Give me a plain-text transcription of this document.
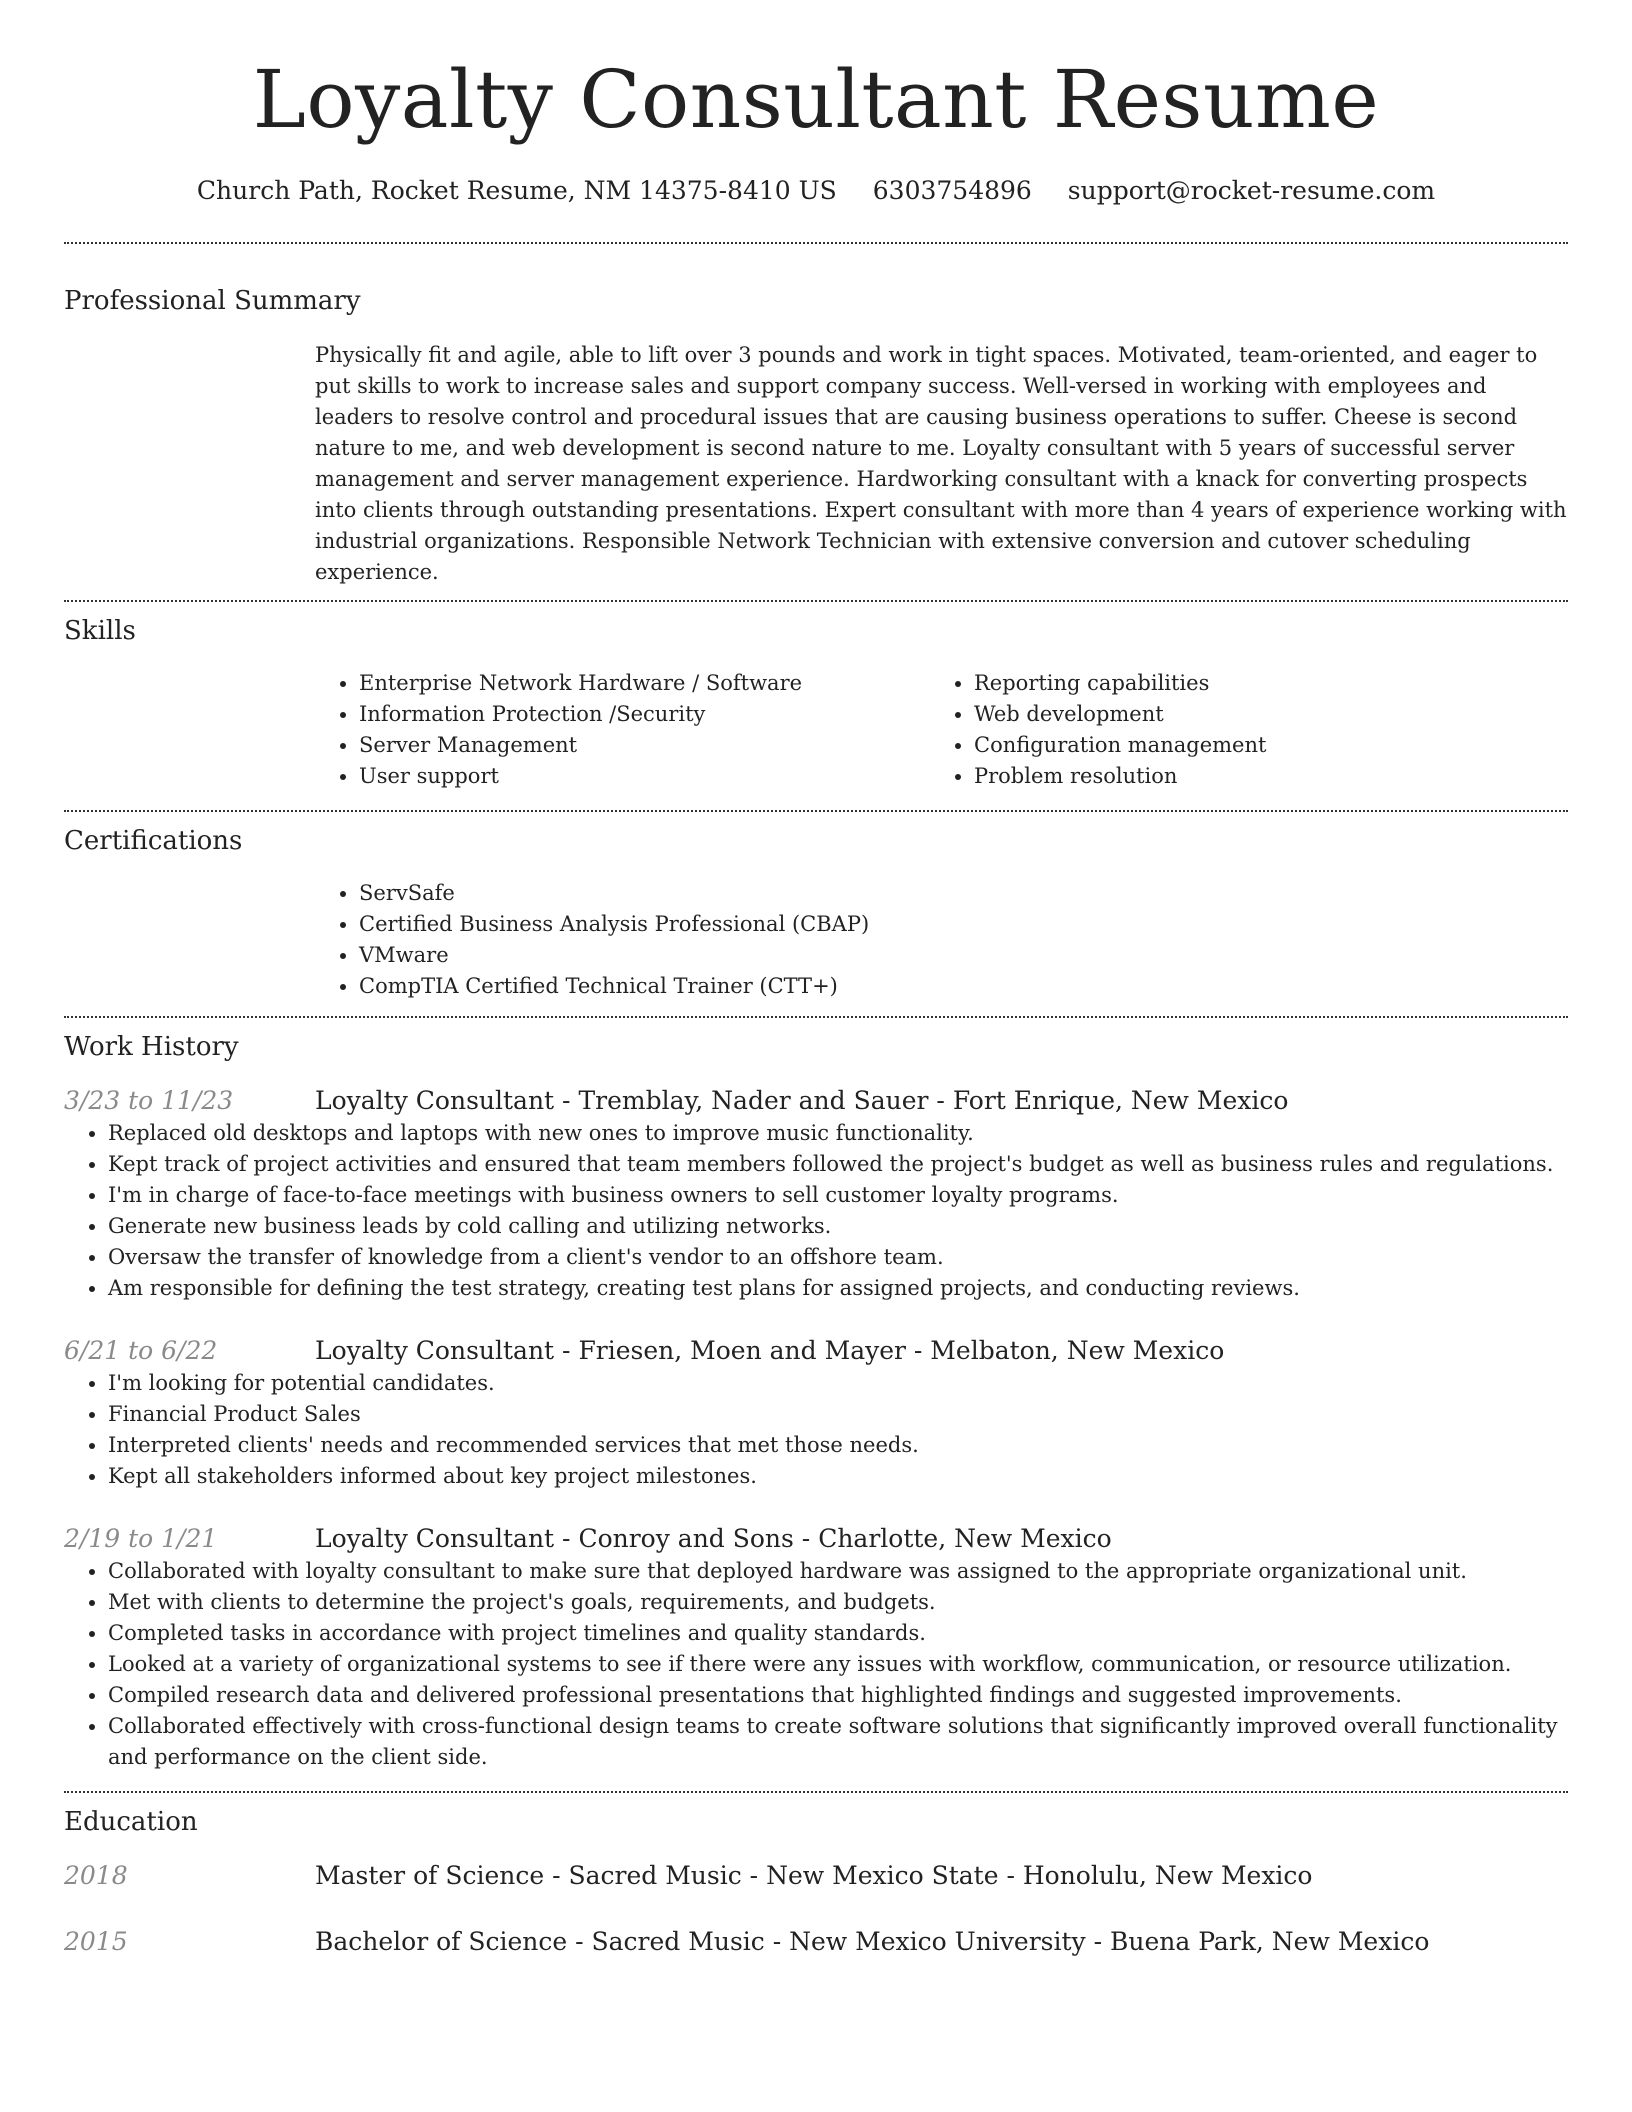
Loyalty Consultant Resume
Church Path, Rocket Resume, NM 14375-8410 US 6303754896 support@rocket-resume.com
Professional Summary

Physically fit and agile, able to lift over 3 pounds and work in tight spaces. Motivated, team-oriented, and eager to put skills to work to increase sales and support company success. Well-versed in working with employees and leaders to resolve control and procedural issues that are causing business operations to suffer. Cheese is second nature to me, and web development is second nature to me. Loyalty consultant with 5 years of successful server management and server management experience. Hardworking consultant with a knack for converting prospects into clients through outstanding presentations. Expert consultant with more than 4 years of experience working with industrial organizations. Responsible Network Technician with extensive conversion and cutover scheduling experience.

Skills
• Enterprise Network Hardware / Software
• Information Protection /Security
• Server Management
• User support
• Reporting capabilities
• Web development
• Configuration management
• Problem resolution
Certifications
• ServSafe
• Certified Business Analysis Professional (CBAP)
• VMware
• CompTIA Certified Technical Trainer (CTT+)
Work History
3/23 to 11/23	Loyalty Consultant - Tremblay, Nader and Sauer - Fort Enrique, New Mexico
• Replaced old desktops and laptops with new ones to improve music functionality.
• Kept track of project activities and ensured that team members followed the project's budget as well as business rules and regulations.
• I'm in charge of face-to-face meetings with business owners to sell customer loyalty programs.
• Generate new business leads by cold calling and utilizing networks.
• Oversaw the transfer of knowledge from a client's vendor to an offshore team.
• Am responsible for defining the test strategy, creating test plans for assigned projects, and conducting reviews.
6/21 to 6/22	Loyalty Consultant - Friesen, Moen and Mayer - Melbaton, New Mexico
• I'm looking for potential candidates.
• Financial Product Sales
• Interpreted clients' needs and recommended services that met those needs.
• Kept all stakeholders informed about key project milestones.
2/19 to 1/21	Loyalty Consultant - Conroy and Sons - Charlotte, New Mexico
• Collaborated with loyalty consultant to make sure that deployed hardware was assigned to the appropriate organizational unit.
• Met with clients to determine the project's goals, requirements, and budgets.
• Completed tasks in accordance with project timelines and quality standards.
• Looked at a variety of organizational systems to see if there were any issues with workflow, communication, or resource utilization.
• Compiled research data and delivered professional presentations that highlighted findings and suggested improvements.
• Collaborated effectively with cross-functional design teams to create software solutions that significantly improved overall functionality and performance on the client side.
Education
2018	Master of Science - Sacred Music - New Mexico State - Honolulu, New Mexico
2015	Bachelor of Science - Sacred Music - New Mexico University - Buena Park, New Mexico
